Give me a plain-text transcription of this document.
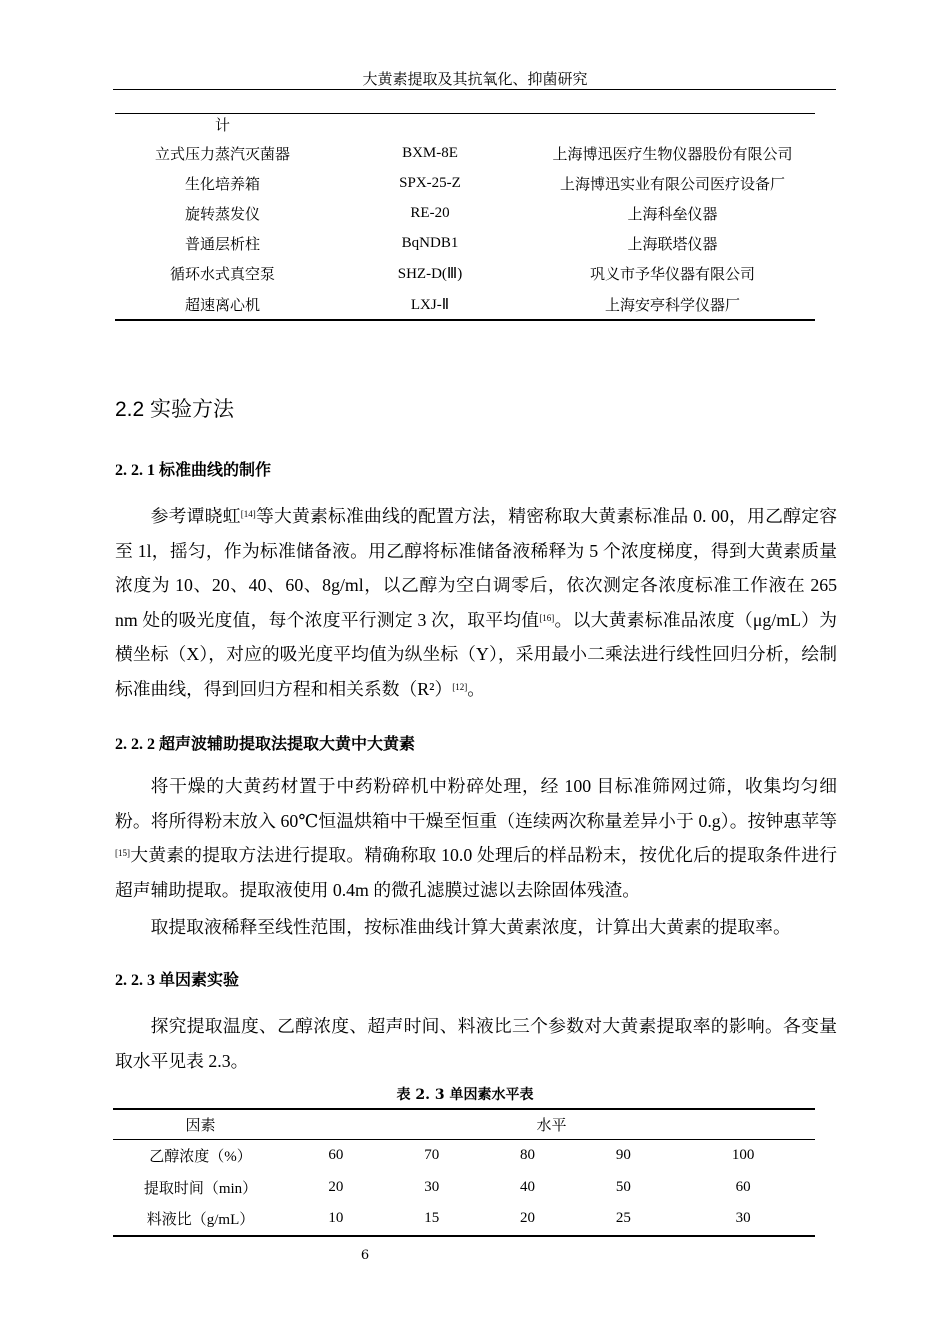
大黄素提取及其抗氧化、抑菌研究
计		
立式压力蒸汽灭菌器	BXM-8E	上海博迅医疗生物仪器股份有限公司
生化培养箱	SPX-25-Z	上海博迅实业有限公司医疗设备厂
旋转蒸发仪	RE-20	上海科垒仪器
普通层析柱	BqNDB1	上海联塔仪器
循环水式真空泵	SHZ-D(Ⅲ)	巩义市予华仪器有限公司
超速离心机	LXJ-Ⅱ	上海安亭科学仪器厂
2.2 实验方法
2. 2. 1 标准曲线的制作
参考谭晓虹[14]等大黄素标准曲线的配置方法，精密称取大黄素标准品 0. 00，用乙醇定容至 1l，摇匀，作为标准储备液。用乙醇将标准储备液稀释为 5 个浓度梯度，得到大黄素质量浓度为 10、20、40、60、8g/ml，以乙醇为空白调零后，依次测定各浓度标准工作液在 265 nm 处的吸光度值，每个浓度平行测定 3 次，取平均值[16]。以大黄素标准品浓度（μg/mL）为横坐标（X），对应的吸光度平均值为纵坐标（Y），采用最小二乘法进行线性回归分析，绘制标准曲线，得到回归方程和相关系数（R²）[12]。
2. 2. 2 超声波辅助提取法提取大黄中大黄素
将干燥的大黄药材置于中药粉碎机中粉碎处理，经 100 目标准筛网过筛，收集均匀细粉。将所得粉末放入 60℃恒温烘箱中干燥至恒重（连续两次称量差异小于 0.g）。按钟惠苹等[15]大黄素的提取方法进行提取。精确称取 10.0 处理后的样品粉末，按优化后的提取条件进行超声辅助提取。提取液使用 0.4m 的微孔滤膜过滤以去除固体残渣。
取提取液稀释至线性范围，按标准曲线计算大黄素浓度，计算出大黄素的提取率。
2. 2. 3 单因素实验
探究提取温度、乙醇浓度、超声时间、料液比三个参数对大黄素提取率的影响。各变量取水平见表 2.3。
表 2. 3 单因素水平表
因素	水平				
乙醇浓度（%）	60	70	80	90	100
提取时间（min）	20	30	40	50	60
料液比（g/mL）	10	15	20	25	30
6
